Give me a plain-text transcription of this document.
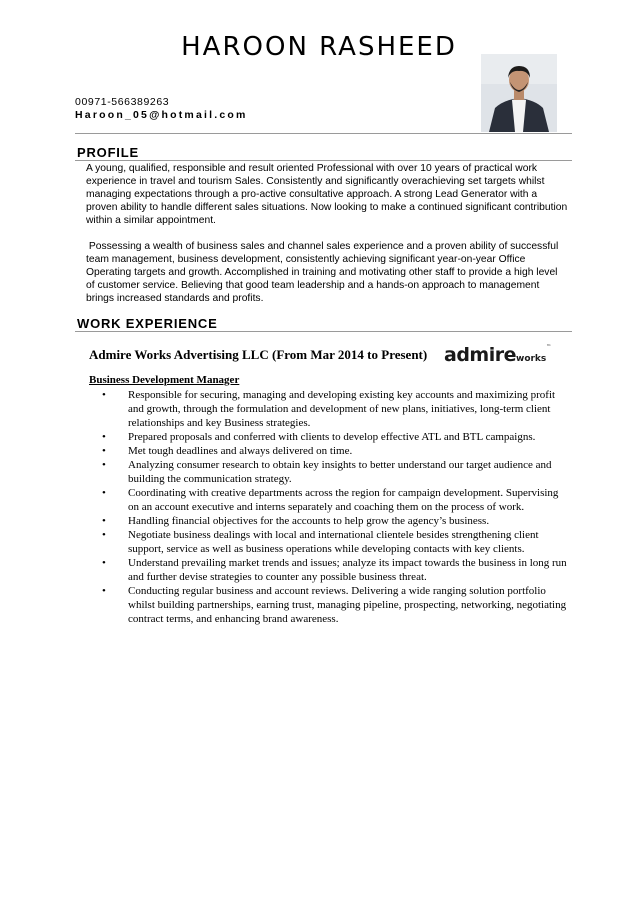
HAROON RASHEED
00971-566389263
Haroon_05@hotmail.com
PROFILE

A young, qualified, responsible and result oriented Professional with over 10 years of practical work experience in travel and tourism Sales. Consistently and significantly overachieving set targets whilst managing expectations through a pro-active consultative approach. A strong Lead Generator with a proven ability to handle different sales situations. Now looking to make a continued significant contribution within a similar appointment.

Possessing a wealth of business sales and channel sales experience and a proven ability of successful team management, business development, consistently achieving significant year-on-year Office Operating targets and growth. Accomplished in training and motivating other staff to provide a high level of customer service. Believing that good team leadership and a hands-on approach to management brings increased standards and profits.

WORK EXPERIENCE
Admire Works Advertising LLC (From Mar 2014 to Present) admireworks™
Business Development Manager
• Responsible for securing, managing and developing existing key accounts and maximizing profit and growth, through the formulation and development of new plans, initiatives, long-term client relationships and key Business strategies.
• Prepared proposals and conferred with clients to develop effective ATL and BTL campaigns.
• Met tough deadlines and always delivered on time.
• Analyzing consumer research to obtain key insights to better understand our target audience and building the communication strategy.
• Coordinating with creative departments across the region for campaign development. Supervising on an account executive and interns separately and coaching them on the process of work.
• Handling financial objectives for the accounts to help grow the agency’s business.
• Negotiate business dealings with local and international clientele besides strengthening client support, service as well as business operations while developing contacts with key clients.
• Understand prevailing market trends and issues; analyze its impact towards the business in long run and further devise strategies to counter any possible business threat.
• Conducting regular business and account reviews. Delivering a wide ranging solution portfolio whilst building partnerships, earning trust, managing pipeline, prospecting, networking, negotiating contract terms, and enhancing brand awareness.
